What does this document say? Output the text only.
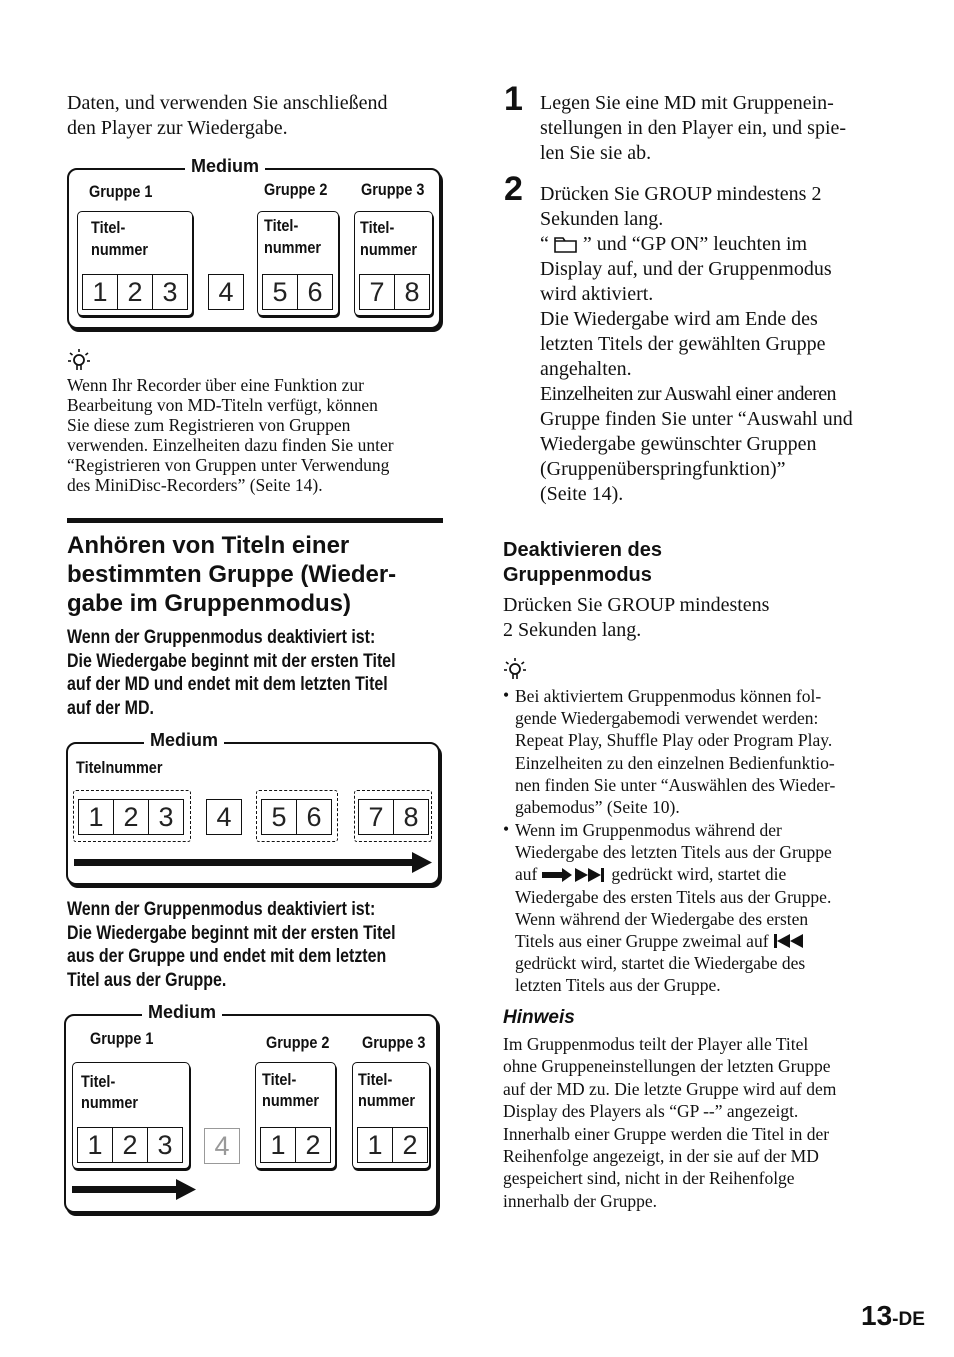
Daten, und verwenden Sie anschließend
den Player zur Wiedergabe.
Medium
Gruppe 1	Gruppe 2 Gruppe 3
Titel-
nummer
1 2 3	4
Titel-
nummer
5 6
Titel-
nummer
7 8
Wenn Ihr Recorder über eine Funktion zur
Bearbeitung von MD-Titeln verfügt, können
Sie diese zum Registrieren von Gruppen
verwenden. Einzelheiten dazu finden Sie unter
“Registrieren von Gruppen unter Verwendung
des MiniDisc-Recorders” (Seite 14).
Anhören von Titeln einer
bestimmten Gruppe (Wieder-
gabe im Gruppenmodus)
Wenn der Gruppenmodus deaktiviert ist:
Die Wiedergabe beginnt mit der ersten Titel
auf der MD und endet mit dem letzten Titel
auf der MD.
Medium
Titelnummer
1 2 3	4	5 6	7 8
Wenn der Gruppenmodus deaktiviert ist:
Die Wiedergabe beginnt mit der ersten Titel
aus der Gruppe und endet mit dem letzten
Titel aus der Gruppe.
Medium
Gruppe 1	Gruppe 2 Gruppe 3
Titel-
nummer
1 2 3	4
Titel-
nummer
1 2
Titel-
nummer
1 2
1 Legen Sie eine MD mit Gruppenein-
stellungen in den Player ein, und spie-
len Sie sie ab.
2 Drücken Sie GROUP mindestens 2
Sekunden lang.
“ ” und “GP ON” leuchten im
Display auf, und der Gruppenmodus
wird aktiviert.
Die Wiedergabe wird am Ende des
letzten Titels der gewählten Gruppe
angehalten.
Einzelheiten zur Auswahl einer anderen
Gruppe finden Sie unter “Auswahl und
Wiedergabe gewünschter Gruppen
(Gruppenüberspringfunktion)”
(Seite 14).
Deaktivieren des
Gruppenmodus
Drücken Sie GROUP mindestens
2 Sekunden lang.
• Bei aktiviertem Gruppenmodus können fol-
gende Wiedergabemodi verwendet werden:
Repeat Play, Shuffle Play oder Program Play.
Einzelheiten zu den einzelnen Bedienfunktio-
nen finden Sie unter “Auswählen des Wieder-
gabemodus” (Seite 10).
• Wenn im Gruppenmodus während der
Wiedergabe des letzten Titels aus der Gruppe
auf	gedrückt wird, startet die
Wiedergabe des ersten Titels aus der Gruppe.
Wenn während der Wiedergabe des ersten
Titels aus einer Gruppe zweimal auf
gedrückt wird, startet die Wiedergabe des
letzten Titels aus der Gruppe.
Hinweis
Im Gruppenmodus teilt der Player alle Titel
ohne Gruppeneinstellungen der letzten Gruppe
auf der MD zu. Die letzte Gruppe wird auf dem
Display des Players als “GP --” angezeigt.
Innerhalb einer Gruppe werden die Titel in der
Reihenfolge angezeigt, in der sie auf der MD
gespeichert sind, nicht in der Reihenfolge
innerhalb der Gruppe.
13-DE
